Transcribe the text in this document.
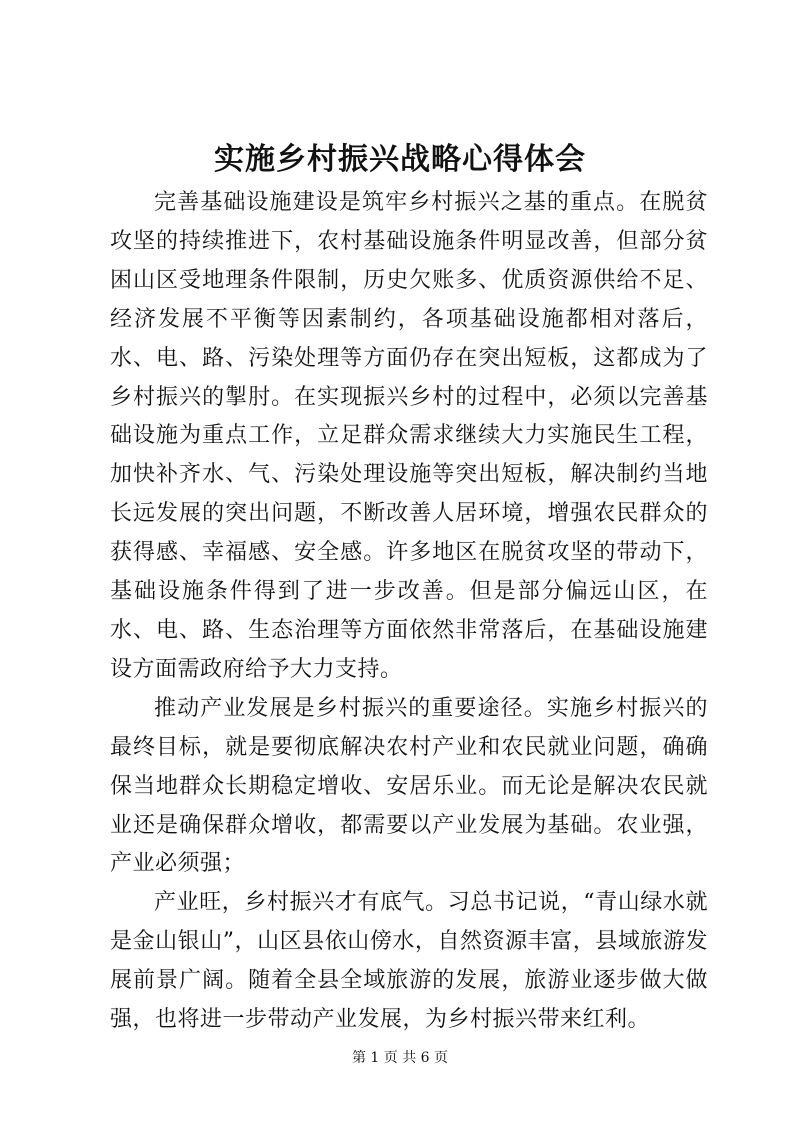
实施乡村振兴战略心得体会

完善基础设施建设是筑牢乡村振兴之基的重点。在脱贫攻坚的持续推进下，农村基础设施条件明显改善，但部分贫困山区受地理条件限制，历史欠账多、优质资源供给不足、经济发展不平衡等因素制约，各项基础设施都相对落后，水、电、路、污染处理等方面仍存在突出短板，这都成为了乡村振兴的掣肘。在实现振兴乡村的过程中，必须以完善基础设施为重点工作，立足群众需求继续大力实施民生工程，加快补齐水、气、污染处理设施等突出短板，解决制约当地长远发展的突出问题，不断改善人居环境，增强农民群众的获得感、幸福感、安全感。许多地区在脱贫攻坚的带动下，基础设施条件得到了进一步改善。但是部分偏远山区，在水、电、路、生态治理等方面依然非常落后，在基础设施建设方面需政府给予大力支持。

推动产业发展是乡村振兴的重要途径。实施乡村振兴的最终目标，就是要彻底解决农村产业和农民就业问题，确确保当地群众长期稳定增收、安居乐业。而无论是解决农民就业还是确保群众增收，都需要以产业发展为基础。农业强，产业必须强；

产业旺，乡村振兴才有底气。习总书记说，“青山绿水就是金山银山”，山区县依山傍水，自然资源丰富，县域旅游发展前景广阔。随着全县全域旅游的发展，旅游业逐步做大做强，也将进一步带动产业发展，为乡村振兴带来红利。

第 1 页 共 6 页
